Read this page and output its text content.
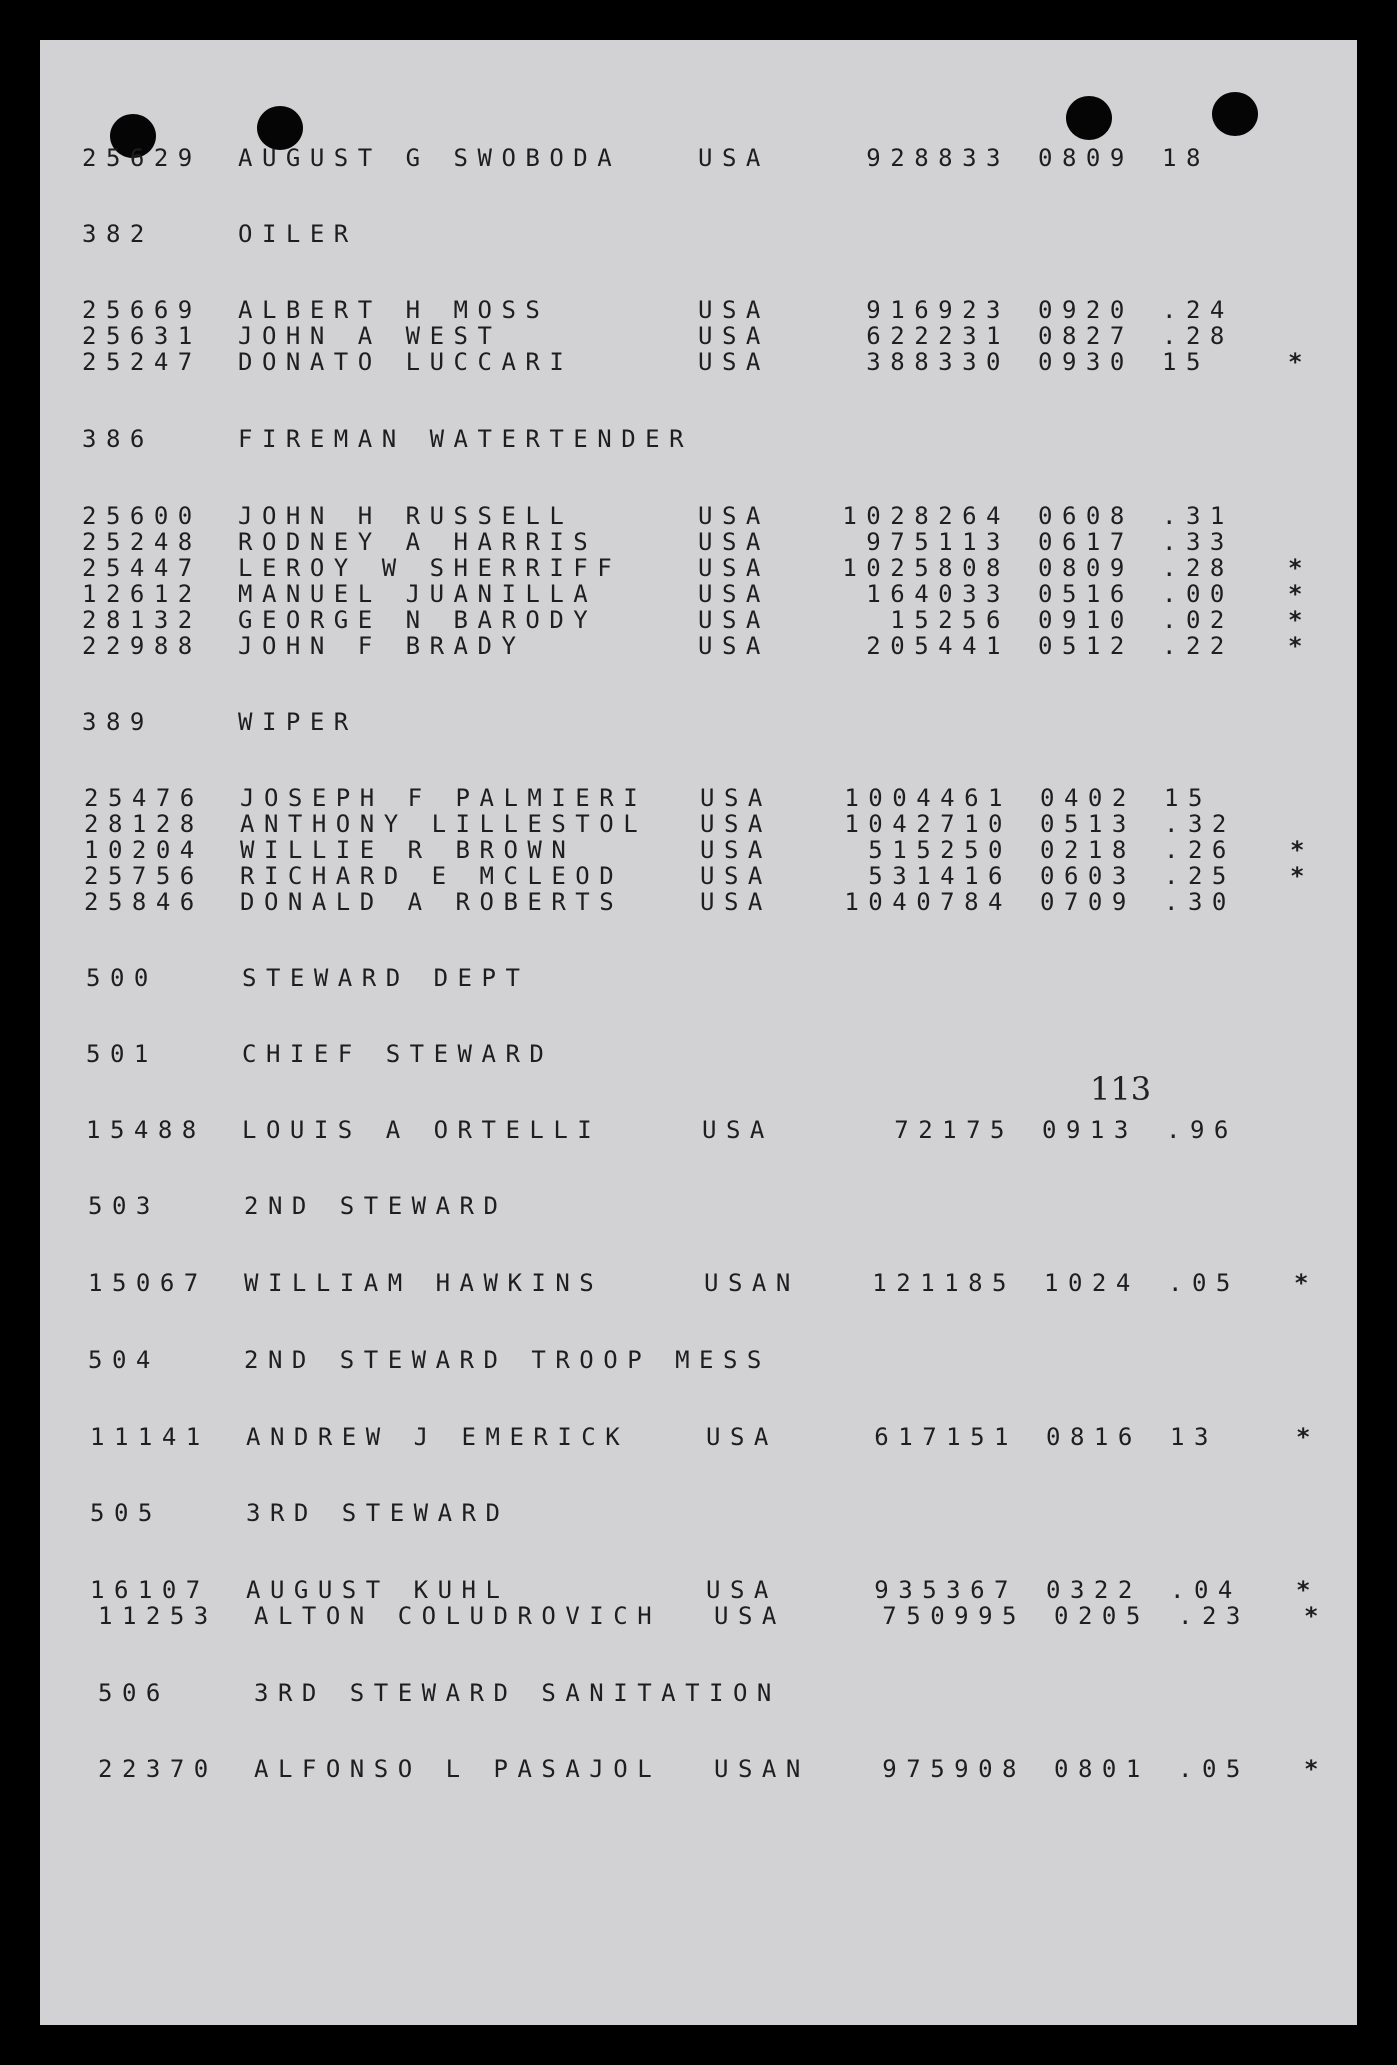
25629 AUGUST G SWOBODA	USA	928833 0809 18
382	OILER
25669 ALBERT H MOSS	USA	916923 0920 .24
25631 JOHN A WEST	USA	622231 0827 .28
25247 DONATO LUCCARI	USA	388330 0930 15	*
386	FIREMAN WATERTENDER
25600 JOHN H RUSSELL	USA	1028264 0608 .31
25248 RODNEY A HARRIS	USA	975113 0617 .33
25447 LEROY W SHERRIFF	USA	1025808 0809 .28 *
12612 MANUEL JUANILLA	USA	164033 0516 .00 *
28132 GEORGE N BARODY	USA	15256 0910 .02 *
22988 JOHN F BRADY	USA	205441 0512 .22 *
389	WIPER
25476 JOSEPH F PALMIERI USA	1004461 0402 15
28128 ANTHONY LILLESTOL USA	1042710 0513 .32
10204 WILLIE R BROWN	USA	515250 0218 .26 *
25756 RICHARD E MCLEOD	USA	531416 0603 .25 *
25846 DONALD A ROBERTS	USA	1040784 0709 .30
500	STEWARD DEPT
501	CHIEF STEWARD
15488 LOUIS A ORTELLI	USA	72175 0913 .96
503	2ND STEWARD
15067 WILLIAM HAWKINS	USAN	121185 1024 .05 *
504	2ND STEWARD TROOP MESS
11141 ANDREW J EMERICK	USA	617151 0816 13	*
505	3RD STEWARD
16107 AUGUST KUHL	USA	935367 0322 .04 *
11253 ALTON COLUDROVICH USA	750995 0205 .23 *
506	3RD STEWARD SANITATION
22370 ALFONSO L PASAJOL USAN	975908 0801 .05 *
113
